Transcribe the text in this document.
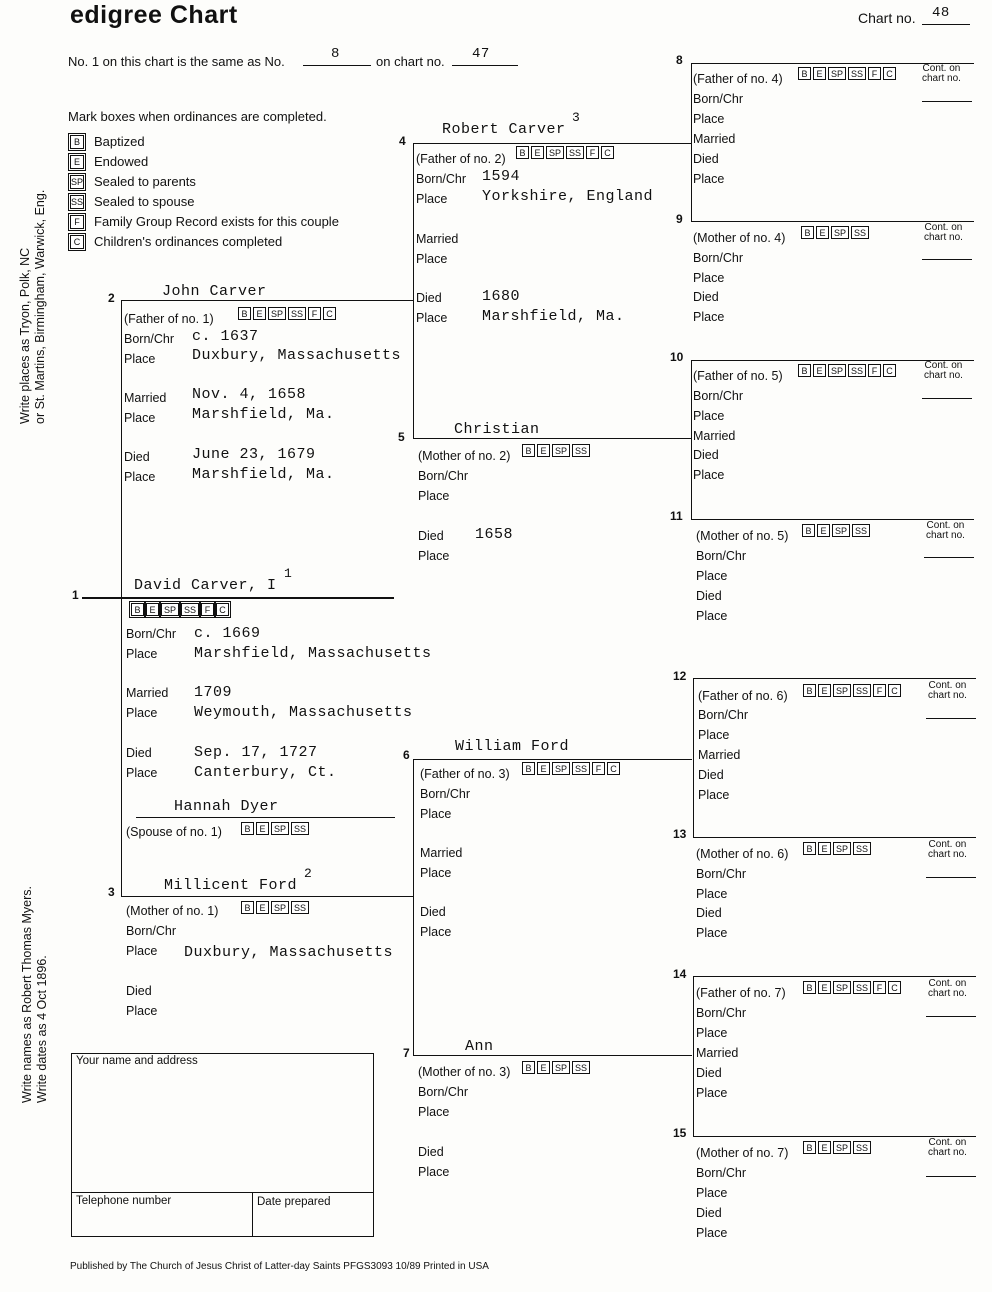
edigree Chart	Chart no. 48
No. 1 on this chart is the same as No.	8	on chart no. 47
Mark boxes when ordinances are completed.
B	Baptized
E	Endowed
SP Sealed to parents
SS Sealed to spouse
F	Family Group Record exists for this couple
C Children's ordinances completed
Write places as Tryon, Polk, NC or St. Martins, Birmingham, Warwick, Eng.
Write names as Robert Thomas Myers. Write dates as 4 Oct 1896.
1
David Carver, I
1
B E SP SS F	C
Born/Chr c. 1669
Place Marshfield, Massachusetts
Married 1709
Place Weymouth, Massachusetts
Died	Sep. 17, 1727
Place Canterbury, Ct.
Hannah Dyer
(Spouse of no. 1)	B E SP SS
2	John Carver
(Father of no. 1)	B E SP SS F	C
Born/Chr c. 1637
Place Duxbury, Massachusetts
Married Nov. 4, 1658
Place Marshfield, Ma.
Died	June 23, 1679
Place Marshfield, Ma.
3	Millicent Ford
2
(Mother of no. 1)	B E SP SS
Born/Chr
Place Duxbury, Massachusetts
Died
Place
4
Robert Carver
3
(Father of no. 2)	B E SP SS F	C
Born/Chr 1594
Place Yorkshire, England
Married
Place
Died	1680
Place Marshfield, Ma.
5	Christian
(Mother of no. 2)	B E SP SS
Born/Chr
Place
Died 1658
Place
6	William Ford
(Father of no. 3)	B E SP SS F	C
Born/Chr
Place
Married
Place
Died
Place
7	Ann
(Mother of no. 3)	B E SP SS
Born/Chr
Place
Died
Place
8
(Father of no. 4)	B E SP SS F	C	Cont. on
chart no.
Born/Chr
Place
Married
Died
Place
9
(Mother of no. 4)	B E SP SS	Cont. on
chart no.
Born/Chr
Place
Died
Place
10
(Father of no. 5)	B E SP SS F	C	Cont. on
chart no.
Born/Chr
Place
Married
Died
Place
11
(Mother of no. 5)	B E SP SS	Cont. on
chart no.
Born/Chr
Place
Died
Place
12
(Father of no. 6)	B E SP SS F	C	Cont. on
chart no.
Born/Chr
Place
Married
Died
Place
13
(Mother of no. 6)	B E SP SS	Cont. on
chart no.
Born/Chr
Place
Died
Place
14
(Father of no. 7)	B E SP SS F	C	Cont. on
chart no.
Born/Chr
Place
Married
Died
Place
15
(Mother of no. 7)	B E SP SS	Cont. on
chart no.
Born/Chr
Place
Died
Place
Your name and address
Telephone number	Date prepared
Published by The Church of Jesus Christ of Latter-day Saints PFGS3093 10/89 Printed in USA
